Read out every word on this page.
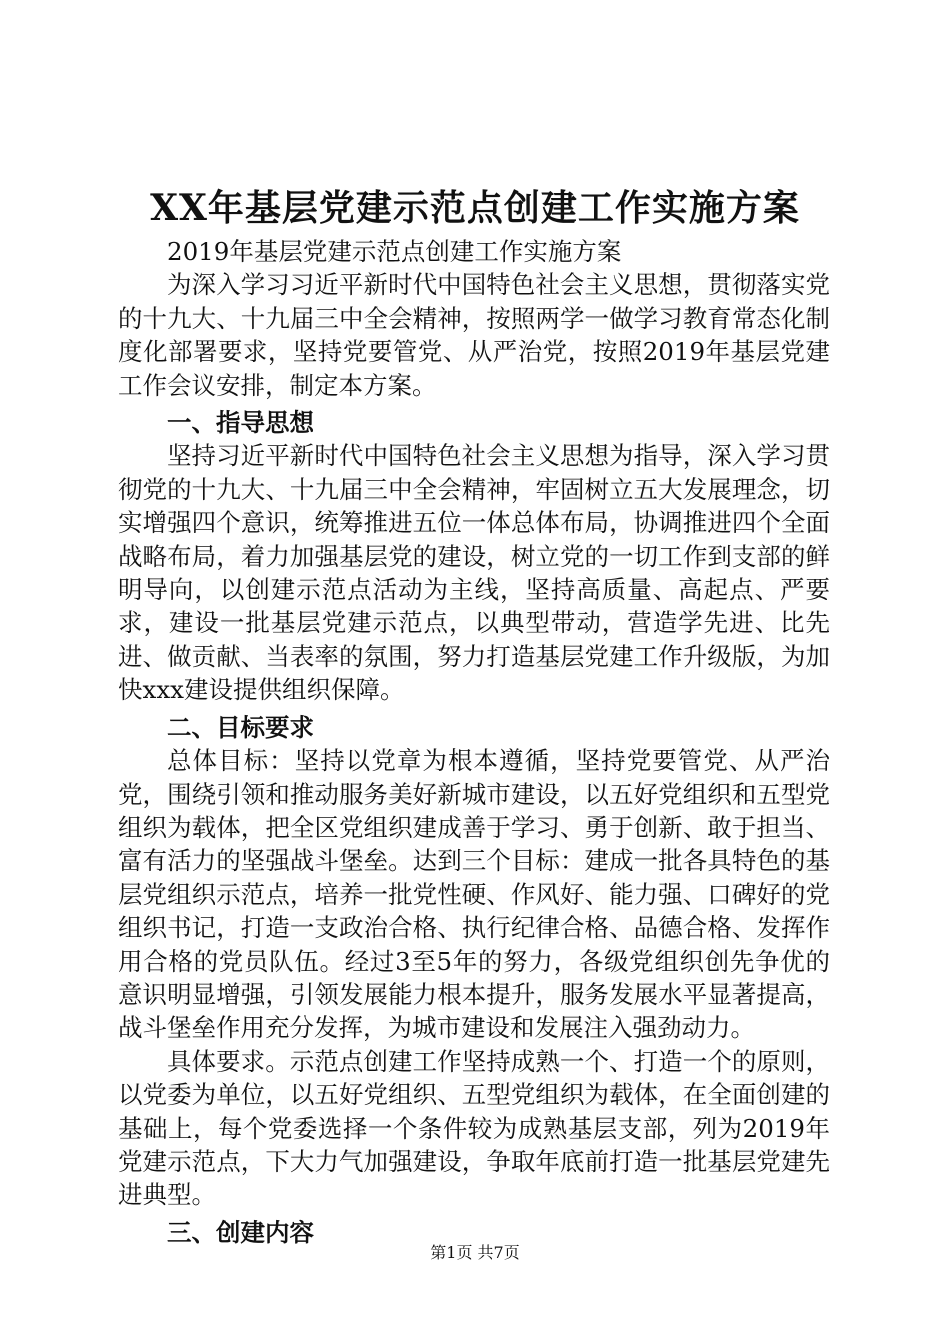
XX年基层党建示范点创建工作实施方案

2019年基层党建示范点创建工作实施方案

为深入学习习近平新时代中国特色社会主义思想，贯彻落实党的十九大、十九届三中全会精神，按照两学一做学习教育常态化制度化部署要求，坚持党要管党、从严治党，按照2019年基层党建工作会议安排，制定本方案。

一、指导思想

坚持习近平新时代中国特色社会主义思想为指导，深入学习贯彻党的十九大、十九届三中全会精神，牢固树立五大发展理念，切实增强四个意识，统筹推进五位一体总体布局，协调推进四个全面战略布局，着力加强基层党的建设，树立党的一切工作到支部的鲜明导向，以创建示范点活动为主线，坚持高质量、高起点、严要求，建设一批基层党建示范点，以典型带动，营造学先进、比先进、做贡献、当表率的氛围，努力打造基层党建工作升级版，为加快xxx建设提供组织保障。

二、目标要求

总体目标：坚持以党章为根本遵循，坚持党要管党、从严治党，围绕引领和推动服务美好新城市建设，以五好党组织和五型党组织为载体，把全区党组织建成善于学习、勇于创新、敢于担当、富有活力的坚强战斗堡垒。达到三个目标：建成一批各具特色的基层党组织示范点，培养一批党性硬、作风好、能力强、口碑好的党组织书记，打造一支政治合格、执行纪律合格、品德合格、发挥作用合格的党员队伍。经过3至5年的努力，各级党组织创先争优的意识明显增强，引领发展能力根本提升，服务发展水平显著提高，战斗堡垒作用充分发挥，为城市建设和发展注入强劲动力。

具体要求。示范点创建工作坚持成熟一个、打造一个的原则，以党委为单位，以五好党组织、五型党组织为载体，在全面创建的基础上，每个党委选择一个条件较为成熟基层支部，列为2019年党建示范点，下大力气加强建设，争取年底前打造一批基层党建先进典型。

三、创建内容
第1页 共7页
